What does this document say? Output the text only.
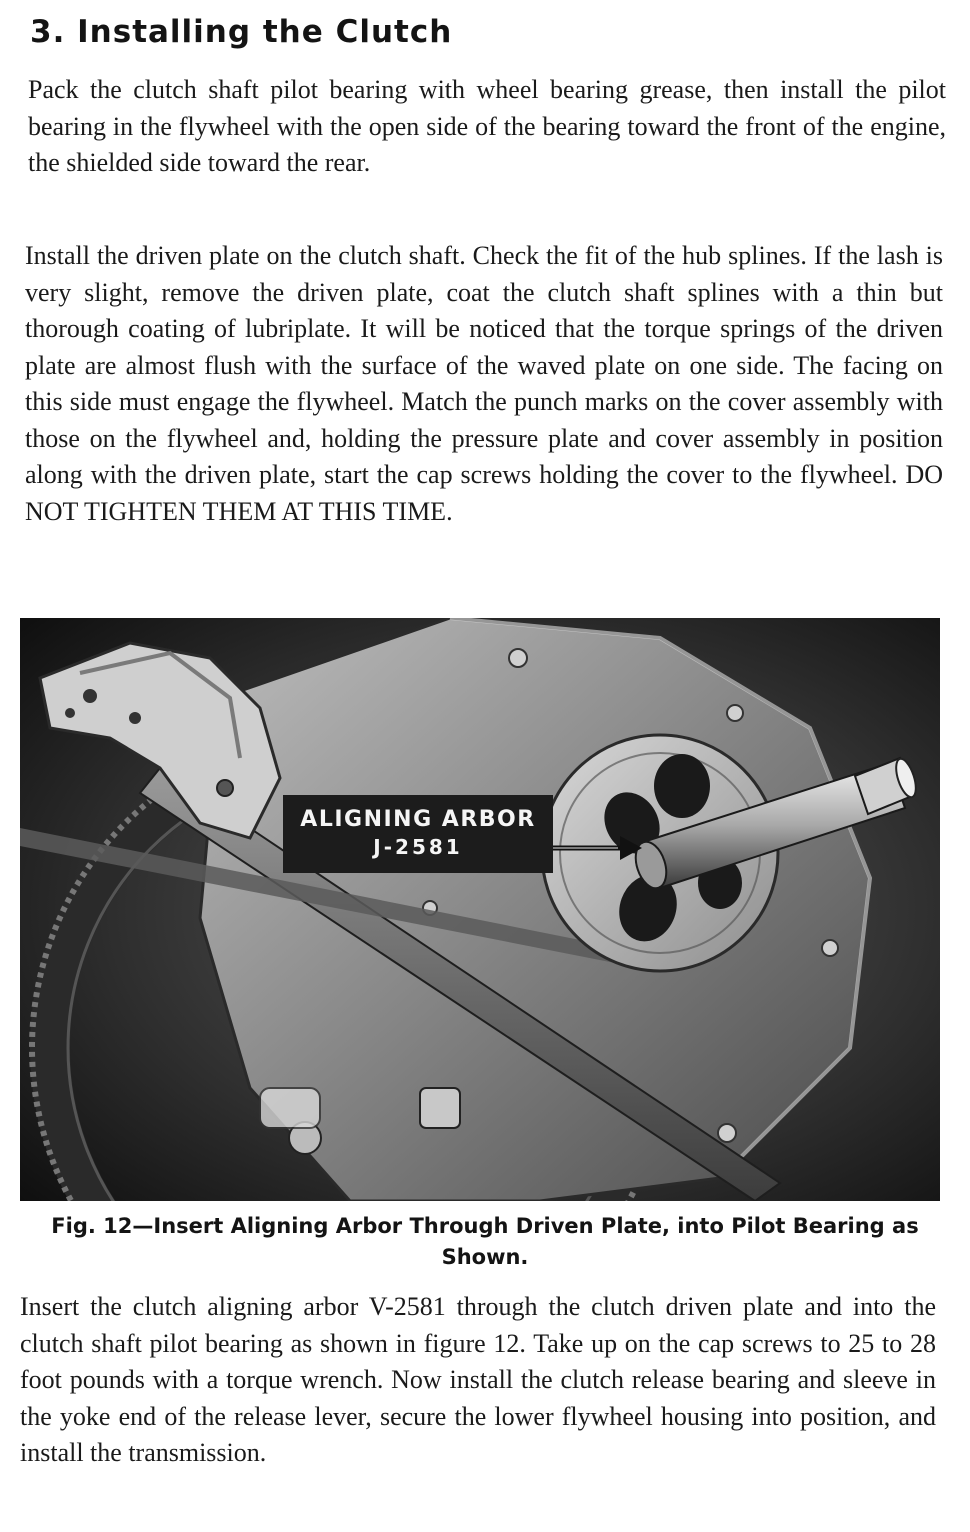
3. Installing the Clutch

Pack the clutch shaft pilot bearing with wheel bearing grease, then install the pilot bearing in the flywheel with the open side of the bearing toward the front of the engine, the shielded side toward the rear.

Install the driven plate on the clutch shaft. Check the fit of the hub splines. If the lash is very slight, remove the driven plate, coat the clutch shaft splines with a thin but thorough coating of lubriplate. It will be noticed that the torque springs of the driven plate are almost flush with the surface of the waved plate on one side. The facing on this side must engage the flywheel. Match the punch marks on the cover assembly with those on the flywheel and, holding the pressure plate and cover assembly in position along with the driven plate, start the cap screws holding the cover to the flywheel. DO NOT TIGHTEN THEM AT THIS TIME.

ALIGNING ARBOR
J-2581

Fig. 12—Insert Aligning Arbor Through Driven Plate, into Pilot Bearing as Shown.

Insert the clutch aligning arbor V-2581 through the clutch driven plate and into the clutch shaft pilot bearing as shown in figure 12. Take up on the cap screws to 25 to 28 foot pounds with a torque wrench. Now install the clutch release bearing and sleeve in the yoke end of the release lever, secure the lower flywheel housing into position, and install the transmission.
